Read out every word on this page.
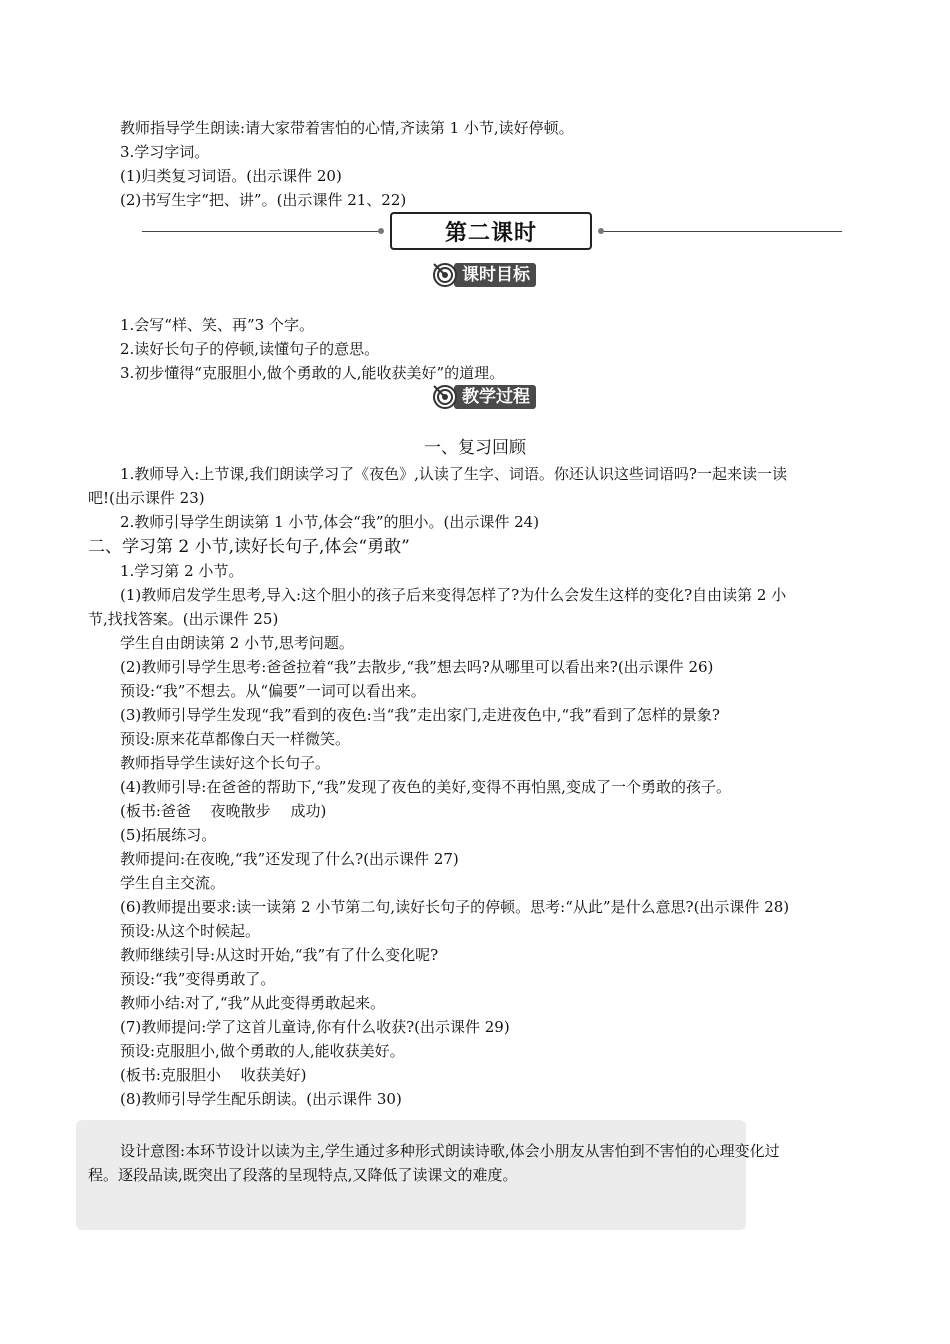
教师指导学生朗读:请大家带着害怕的心情,齐读第 1 小节,读好停顿。
3.学习字词。
(1)归类复习词语。(出示课件 20)
(2)书写生字“把、讲”。(出示课件 21、22)
第二课时
课时目标
1.会写“样、笑、再”3 个字。
2.读好长句子的停顿,读懂句子的意思。
3.初步懂得“克服胆小,做个勇敢的人,能收获美好”的道理。
教学过程
一、复习回顾
1.教师导入:上节课,我们朗读学习了《夜色》,认读了生字、词语。你还认识这些词语吗?一起来读一读
吧!(出示课件 23)
2.教师引导学生朗读第 1 小节,体会“我”的胆小。(出示课件 24)
二、学习第 2 小节,读好长句子,体会“勇敢”
1.学习第 2 小节。
(1)教师启发学生思考,导入:这个胆小的孩子后来变得怎样了?为什么会发生这样的变化?自由读第 2 小
节,找找答案。(出示课件 25)
学生自由朗读第 2 小节,思考问题。
(2)教师引导学生思考:爸爸拉着“我”去散步,“我”想去吗?从哪里可以看出来?(出示课件 26)
预设:“我”不想去。从“偏要”一词可以看出来。
(3)教师引导学生发现“我”看到的夜色:当“我”走出家门,走进夜色中,“我”看到了怎样的景象?
预设:原来花草都像白天一样微笑。
教师指导学生读好这个长句子。
(4)教师引导:在爸爸的帮助下,“我”发现了夜色的美好,变得不再怕黑,变成了一个勇敢的孩子。
(板书:爸爸　 夜晚散步　 成功)
(5)拓展练习。
教师提问:在夜晚,“我”还发现了什么?(出示课件 27)
学生自主交流。
(6)教师提出要求:读一读第 2 小节第二句,读好长句子的停顿。思考:“从此”是什么意思?(出示课件 28)
预设:从这个时候起。
教师继续引导:从这时开始,“我”有了什么变化呢?
预设:“我”变得勇敢了。
教师小结:对了,“我”从此变得勇敢起来。
(7)教师提问:学了这首儿童诗,你有什么收获?(出示课件 29)
预设:克服胆小,做个勇敢的人,能收获美好。
(板书:克服胆小　 收获美好)
(8)教师引导学生配乐朗读。(出示课件 30)
设计意图:本环节设计以读为主,学生通过多种形式朗读诗歌,体会小朋友从害怕到不害怕的心理变化过
程。逐段品读,既突出了段落的呈现特点,又降低了读课文的难度。
